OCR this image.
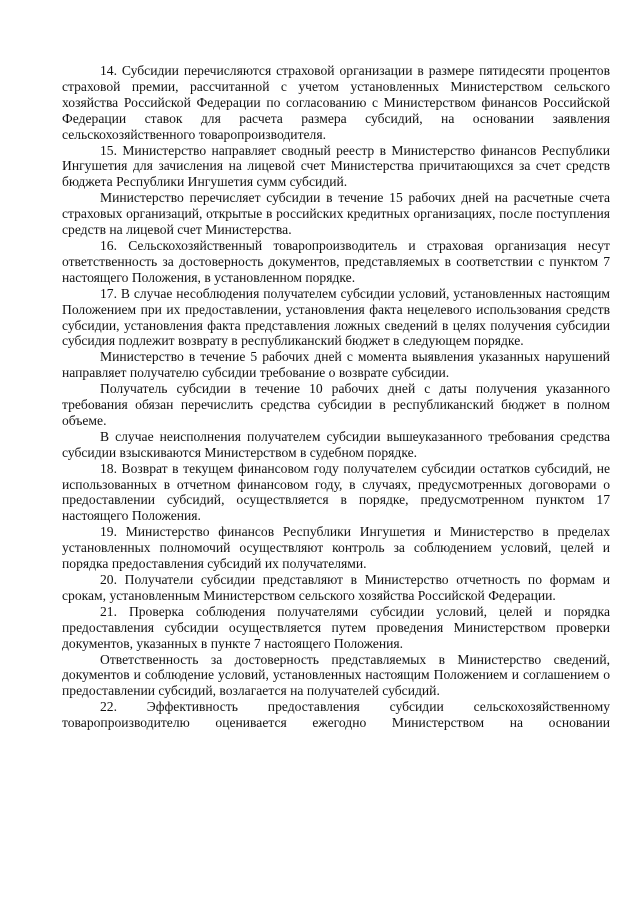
14. Субсидии перечисляются страховой организации в размере пятидесяти процентов страховой премии, рассчитанной с учетом установленных Министерством сельского хозяйства Российской Федерации по согласованию с Министерством финансов Российской Федерации ставок для расчета размера субсидий, на основании заявления сельскохозяйственного товаропроизводителя.

15. Министерство направляет сводный реестр в Министерство финансов Республики Ингушетия для зачисления на лицевой счет Министерства причитающихся за счет средств бюджета Республики Ингушетия сумм субсидий.

Министерство перечисляет субсидии в течение 15 рабочих дней на расчетные счета страховых организаций, открытые в российских кредитных организациях, после поступления средств на лицевой счет Министерства.

16. Сельскохозяйственный товаропроизводитель и страховая организация несут ответственность за достоверность документов, представляемых в соответствии с пунктом 7 настоящего Положения, в установленном порядке.

17. В случае несоблюдения получателем субсидии условий, установленных настоящим Положением при их предоставлении, установления факта нецелевого использования средств субсидии, установления факта представления ложных сведений в целях получения субсидии субсидия подлежит возврату в республиканский бюджет в следующем порядке.

Министерство в течение 5 рабочих дней с момента выявления указанных нарушений направляет получателю субсидии требование о возврате субсидии.

Получатель субсидии в течение 10 рабочих дней с даты получения указанного требования обязан перечислить средства субсидии в республиканский бюджет в полном объеме.

В случае неисполнения получателем субсидии вышеуказанного требования средства субсидии взыскиваются Министерством в судебном порядке.

18. Возврат в текущем финансовом году получателем субсидии остатков субсидий, не использованных в отчетном финансовом году, в случаях, предусмотренных договорами о предоставлении субсидий, осуществляется в порядке, предусмотренном пунктом 17 настоящего Положения.

19. Министерство финансов Республики Ингушетия и Министерство в пределах установленных полномочий осуществляют контроль за соблюдением условий, целей и порядка предоставления субсидий их получателями.

20. Получатели субсидии представляют в Министерство отчетность по формам и срокам, установленным Министерством сельского хозяйства Российской Федерации.

21. Проверка соблюдения получателями субсидии условий, целей и порядка предоставления субсидии осуществляется путем проведения Министерством проверки документов, указанных в пункте 7 настоящего Положения.

Ответственность за достоверность представляемых в Министерство сведений, документов и соблюдение условий, установленных настоящим Положением и соглашением о предоставлении субсидий, возлагается на получателей субсидий.

22. Эффективность предоставления субсидии сельскохозяйственному товаропроизводителю оценивается ежегодно Министерством на основании
